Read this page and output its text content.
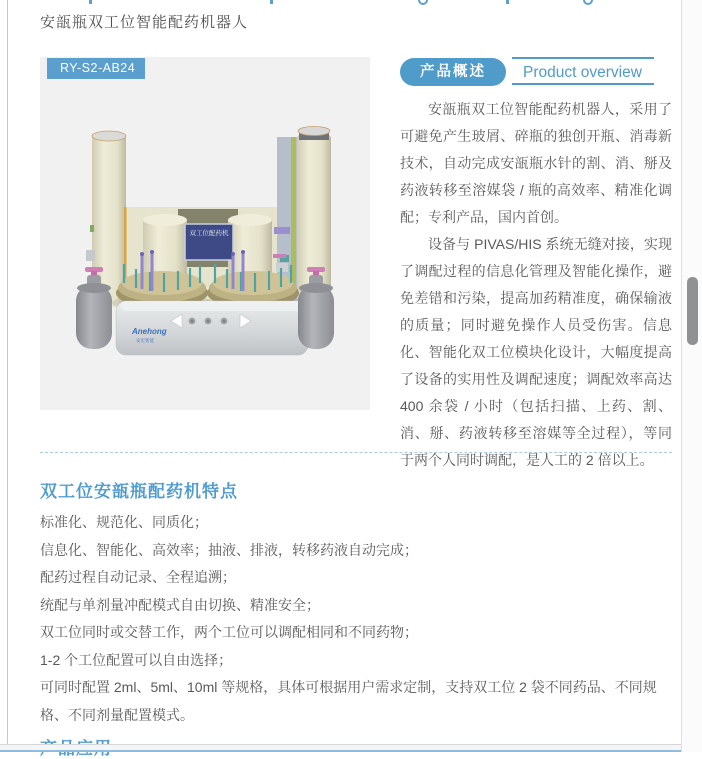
安瓿瓶双工位智能配药机器人
双工位配药机
Anehong
安宏智能
RY-S2-AB24	产品概述	Product overview

安瓿瓶双工位智能配药机器人，采用了可避免产生玻屑、碎瓶的独创开瓶、消毒新技术，自动完成安瓿瓶水针的割、消、掰及药液转移至溶媒袋 / 瓶的高效率、精准化调配；专利产品，国内首创。

设备与 PIVAS/HIS 系统无缝对接，实现了调配过程的信息化管理及智能化操作，避免差错和污染，提高加药精准度，确保输液的质量；同时避免操作人员受伤害。信息化、智能化双工位模块化设计，大幅度提高了设备的实用性及调配速度；调配效率高达 400 余袋 / 小时（包括扫描、上药、割、消、掰、药液转移至溶媒等全过程），等同于两个人同时调配，是人工的 2 倍以上。

双工位安瓿瓶配药机特点
标准化、规范化、同质化；
信息化、智能化、高效率；抽液、排液，转移药液自动完成；
配药过程自动记录、全程追溯；
统配与单剂量冲配模式自由切换、精准安全；
双工位同时或交替工作，两个工位可以调配相同和不同药物；
1-2 个工位配置可以自由选择；
可同时配置 2ml、5ml、10ml 等规格，具体可根据用户需求定制，支持双工位 2 袋不同药品、不同规格、不同剂量配置模式。
